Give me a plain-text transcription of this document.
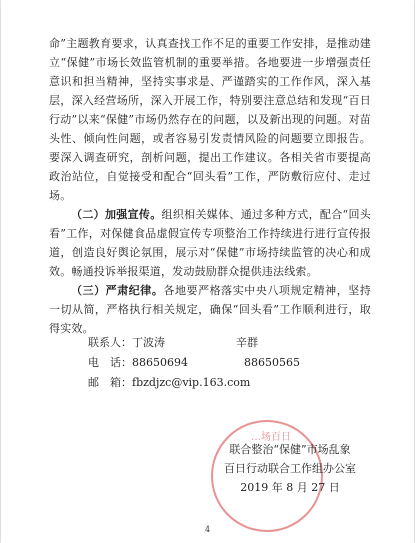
命”主题教育要求，认真查找工作不足的重要工作安排，是推动建立“保健”市场长效监管机制的重要举措。各地要进一步增强责任意识和担当精神，坚持实事求是、严谨踏实的工作作风，深入基层，深入经营场所，深入开展工作，特别要注意总结和发现“百日行动”以来“保健”市场仍然存在的问题，以及新出现的问题。对苗头性、倾向性问题，或者容易引发责情风险的问题要立即报告。要深入调查研究，剖析问题，提出工作建议。各相关省市要提高政治站位，自觉接受和配合“回头看”工作，严防敷衍应付、走过场。

（二）加强宣传。组织相关媒体、通过多种方式，配合“回头看”工作，对保健食品虚假宣传专项整治工作持续进行进行宣传报道，创造良好舆论氛围，展示对“保健”市场持续监管的决心和成效。畅通投诉举报渠道，发动鼓励群众提供违法线索。

（三）严肃纪律。各地要严格落实中央八项规定精神，坚持一切从简，严格执行相关规定，确保“回头看”工作顺利进行，取得实效。

联系人：丁波涛	辛群
电　话：88650694	88650565
邮　箱：fbzdjzc@vip.163.com
…场百日
联合整治“保健”市场乱象
百日行动联合工作组办公室
2019 年 8 月 27 日
4
